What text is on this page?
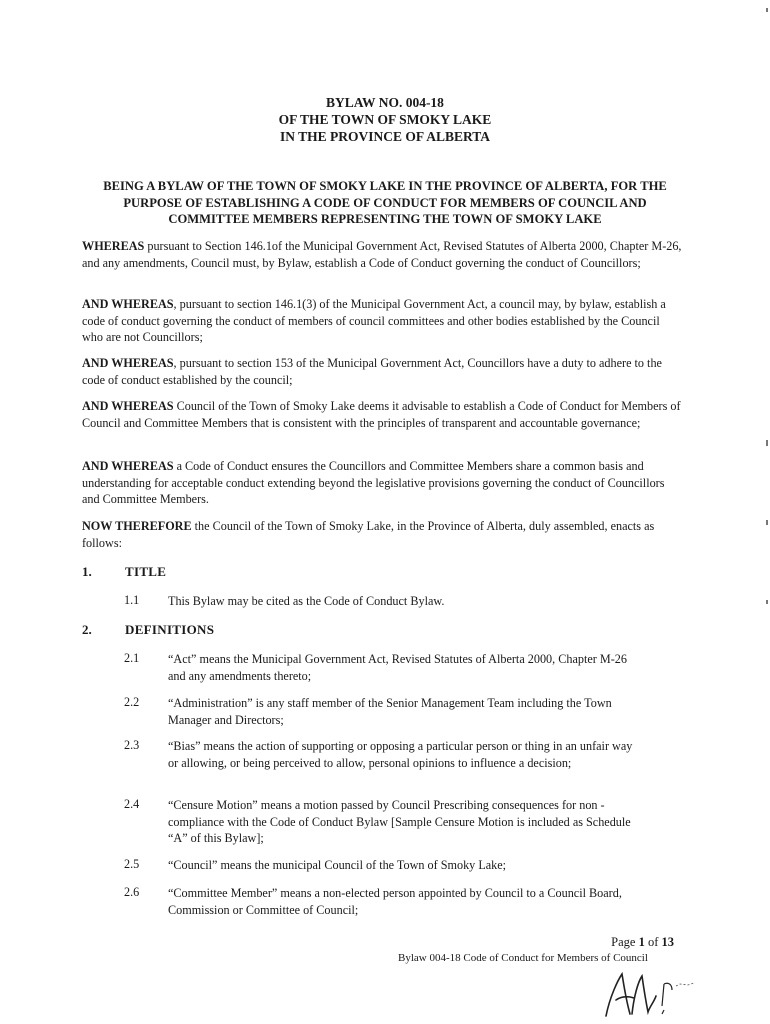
BYLAW NO. 004-18
OF THE TOWN OF SMOKY LAKE
IN THE PROVINCE OF ALBERTA
BEING A BYLAW OF THE TOWN OF SMOKY LAKE IN THE PROVINCE OF ALBERTA, FOR THE PURPOSE OF ESTABLISHING A CODE OF CONDUCT FOR MEMBERS OF COUNCIL AND COMMITTEE MEMBERS REPRESENTING THE TOWN OF SMOKY LAKE
WHEREAS pursuant to Section 146.1of the Municipal Government Act, Revised Statutes of Alberta 2000, Chapter M-26, and any amendments, Council must, by Bylaw, establish a Code of Conduct governing the conduct of Councillors;
AND WHEREAS, pursuant to section 146.1(3) of the Municipal Government Act, a council may, by bylaw, establish a code of conduct governing the conduct of members of council committees and other bodies established by the Council who are not Councillors;
AND WHEREAS, pursuant to section 153 of the Municipal Government Act, Councillors have a duty to adhere to the code of conduct established by the council;
AND WHEREAS Council of the Town of Smoky Lake deems it advisable to establish a Code of Conduct for Members of Council and Committee Members that is consistent with the principles of transparent and accountable governance;
AND WHEREAS a Code of Conduct ensures the Councillors and Committee Members share a common basis and understanding for acceptable conduct extending beyond the legislative provisions governing the conduct of Councillors and Committee Members.
NOW THEREFORE the Council of the Town of Smoky Lake, in the Province of Alberta, duly assembled, enacts as follows:
1.	TITLE
1.1 This Bylaw may be cited as the Code of Conduct Bylaw.
2.	DEFINITIONS
2.1 “Act” means the Municipal Government Act, Revised Statutes of Alberta 2000, Chapter M-26 and any amendments thereto;
2.2 “Administration” is any staff member of the Senior Management Team including the Town Manager and Directors;
2.3 “Bias” means the action of supporting or opposing a particular person or thing in an unfair way or allowing, or being perceived to allow, personal opinions to influence a decision;
2.4 “Censure Motion” means a motion passed by Council Prescribing consequences for non - compliance with the Code of Conduct Bylaw [Sample Censure Motion is included as Schedule “A” of this Bylaw];
2.5 “Council” means the municipal Council of the Town of Smoky Lake;
2.6 “Committee Member” means a non-elected person appointed by Council to a Council Board, Commission or Committee of Council;
Page 1 of 13
Bylaw 004-18 Code of Conduct for Members of Council
